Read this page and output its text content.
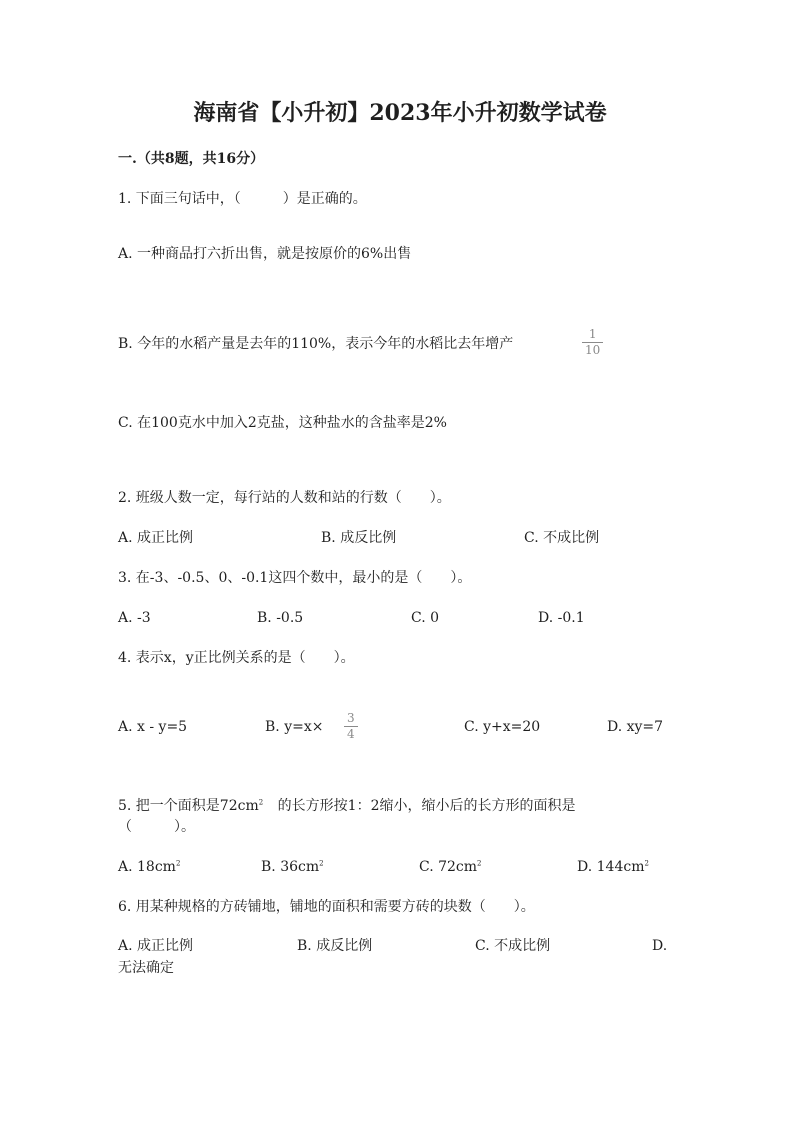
海南省【小升初】2023年小升初数学试卷
一.（共8题，共16分）
1. 下面三句话中，（　　　）是正确的。
A. 一种商品打六折出售，就是按原价的6%出售
B. 今年的水稻产量是去年的110%，表示今年的水稻比去年增产
1
10
C. 在100克水中加入2克盐，这种盐水的含盐率是2%
2. 班级人数一定，每行站的人数和站的行数（　　）。
A. 成正比例	B. 成反比例	C. 不成比例
3. 在-3、-0.5、0、-0.1这四个数中，最小的是（　　）。
A. -3	B. -0.5	C. 0	D. -0.1
4. 表示x，y正比例关系的是（　　）。
A. x - y=5	B. y=x×
3
4	C. y+x=20	D. xy=7
5. 把一个面积是$72cm^2$ 的长方形按1：2缩小，缩小后的长方形的面积是
（　　　）。
A. $18cm^2$	B. $36cm^2$	C. $72cm^2$	D. $144cm^2$
6. 用某种规格的方砖铺地，铺地的面积和需要方砖的块数（　　）。
A. 成正比例	B. 成反比例	C. 不成比例	D.
无法确定
